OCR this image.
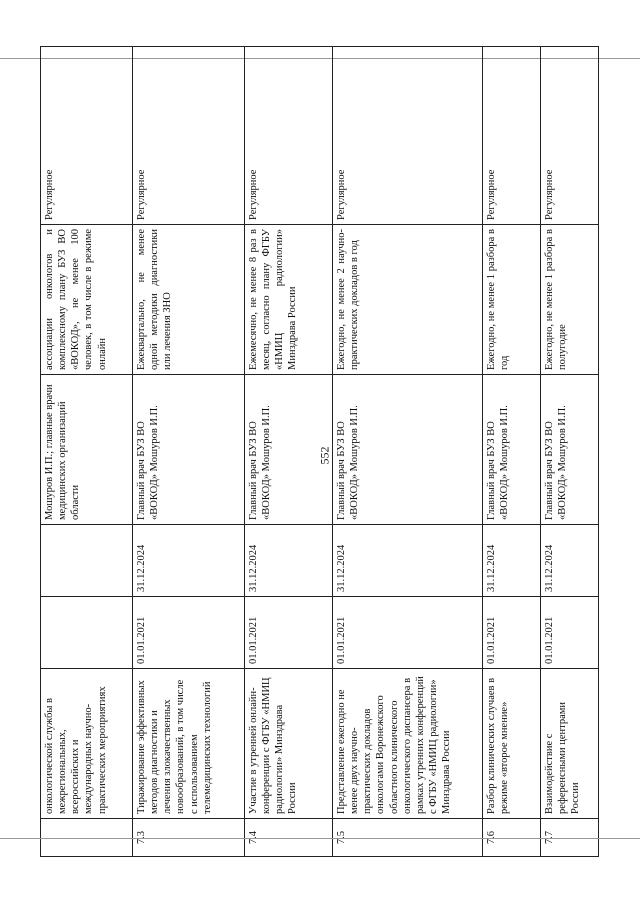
552
	онкологической службы в межрегиональных, всероссийских и международных научно-практических мероприятиях			Мошуров И.П.; главные врачи медицинских организаций области	ассоциации онкологов и комплексному плану БУЗ ВО «ВОКОД», не менее 100 человек, в том числе в режиме онлайн	Регулярное
	Тиражирование эффективных методов диагностики и лечения злокачественных новообразований, в том числе с использованием телемедицинских технологий	01.01.2021	31.12.2024	Главный врач БУЗ ВО «ВОКОД» Мошуров И.П.	Ежеквартально, не менее одной методики диагностики или лечения ЗНО	Регулярное
	Участие в утренней онлайн-конференции с ФГБУ «НМИЦ радиологии» Минздрава России	01.01.2021	31.12.2024	Главный врач БУЗ ВО «ВОКОД» Мошуров И.П.	Ежемесячно, не менее 8 раз в месяц, согласно плану ФГБУ «НМИЦ радиологии» Минздрава России	Регулярное
	Представление ежегодно не менее двух научно-практических докладов онкологами Воронежского областного клинического онкологического диспансера в рамках утренних конференций с ФГБУ «НМИЦ радиологии» Минздрава России	01.01.2021	31.12.2024	Главный врач БУЗ ВО «ВОКОД» Мошуров И.П.	Ежегодно, не менее 2 научно-практических докладов в год	Регулярное
	Разбор клинических случаев в режиме «второе мнение»	01.01.2021	31.12.2024	Главный врач БУЗ ВО «ВОКОД» Мошуров И.П.	Ежегодно, не менее 1 разбора в год	Регулярное
	Взаимодействие с референсными центрами России	01.01.2021	31.12.2024	Главный врач БУЗ ВО «ВОКОД» Мошуров И.П.	Ежегодно, не менее 1 разбора в полугодие	Регулярное
